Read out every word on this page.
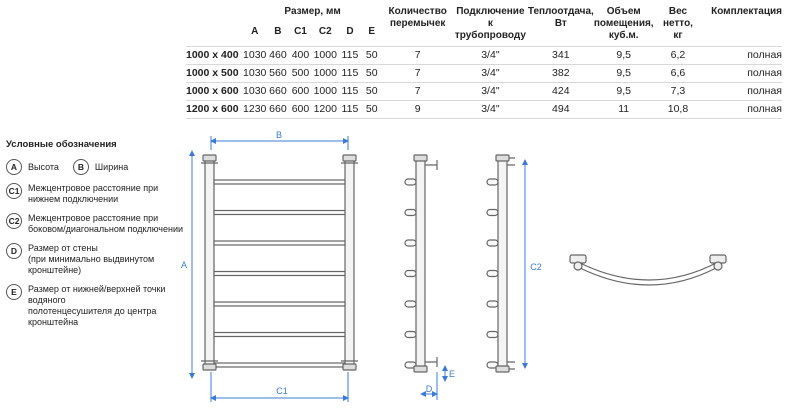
	Размер, мм						Количество
перемычек	Подключение
к трубопроводу	Теплоотдача,
Вт	Объем
помещения,
куб.м.	Вес нетто,
кг	Комплектация
	A	B	C1	C2	D	E						
1000 x 400	1030	460	400	1000	115	50	7	3/4"	341	9,5	6,2	полная
1000 x 500	1030	560	500	1000	115	50	7	3/4"	382	9,5	6,6	полная
1000 x 600	1030	660	600	1000	115	50	7	3/4"	424	9,5	7,3	полная
1200 x 600	1230	660	600	1200	115	50	9	3/4"	494	11	10,8	полная
Условные обозначения
A	Высота	B	Ширина
C1 Межцентровое расстояние при
нижнем подключении
C2 Межцентровое расстояние при
боковом/диагональном подключении
D	Размер от стены
(при минимально выдвинутом кронштейне)
E	Размер от нижней/верхней точки водяного
полотенцесушителя до центра кронштейна
B
A
C1	D
E
C2
